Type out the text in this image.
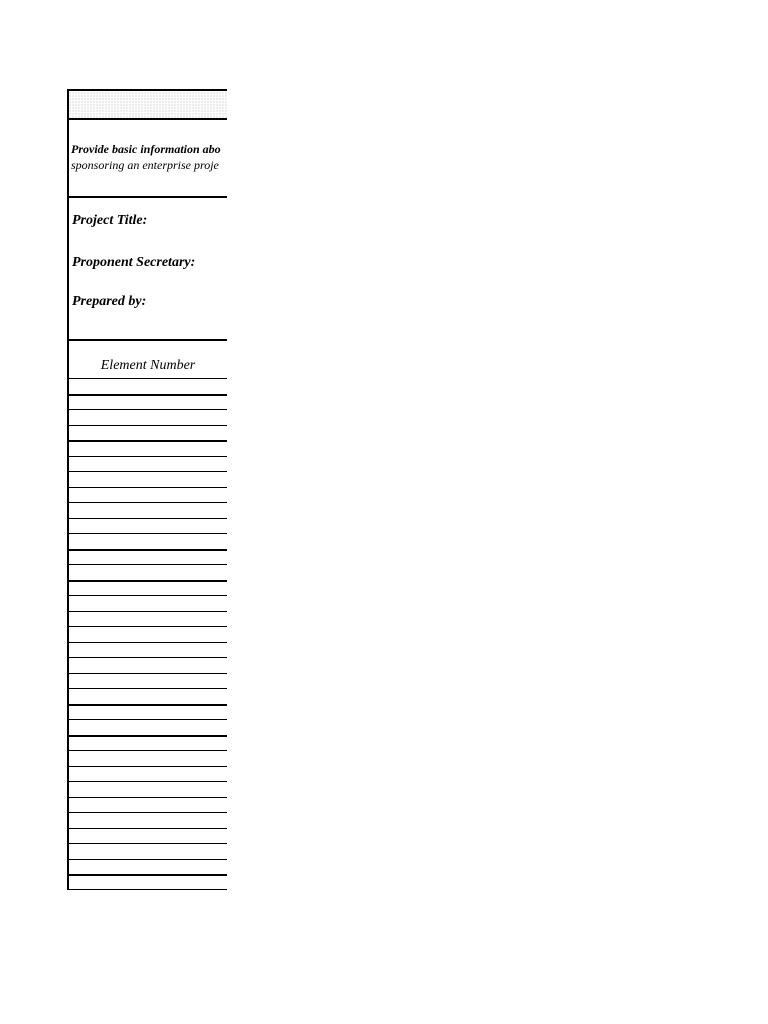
Provide basic information abo
sponsoring an enterprise proje
Project Title:
Proponent Secretary:
Prepared by:
Element Number
